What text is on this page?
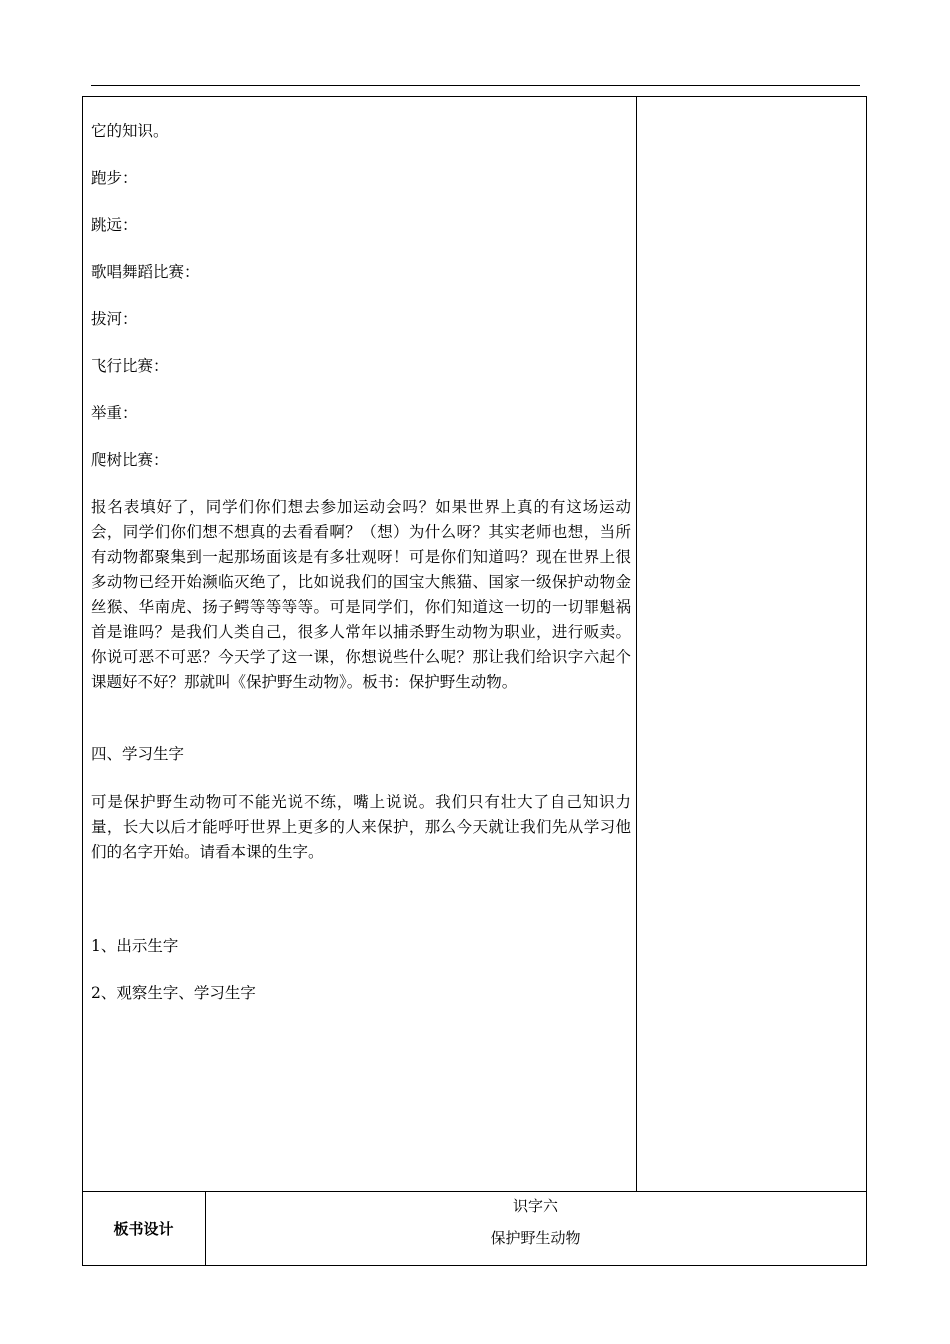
它的知识。
跑步：
跳远：
歌唱舞蹈比赛：
拔河：
飞行比赛：
举重：
爬树比赛：
报名表填好了，同学们你们想去参加运动会吗？如果世界上真的有这场运动会，同学们你们想不想真的去看看啊？（想）为什么呀？其实老师也想，当所有动物都聚集到一起那场面该是有多壮观呀！可是你们知道吗？现在世界上很多动物已经开始濒临灭绝了，比如说我们的国宝大熊猫、国家一级保护动物金丝猴、华南虎、扬子鳄等等等等。可是同学们，你们知道这一切的一切罪魁祸首是谁吗？是我们人类自己，很多人常年以捕杀野生动物为职业，进行贩卖。你说可恶不可恶？今天学了这一课，你想说些什么呢？那让我们给识字六起个课题好不好？那就叫《保护野生动物》。板书：保护野生动物。
四、学习生字
可是保护野生动物可不能光说不练，嘴上说说。我们只有壮大了自己知识力量，长大以后才能呼吁世界上更多的人来保护，那么今天就让我们先从学习他们的名字开始。请看本课的生字。
1、出示生字
2、观察生字、学习生字
板书设计
识字六
保护野生动物
